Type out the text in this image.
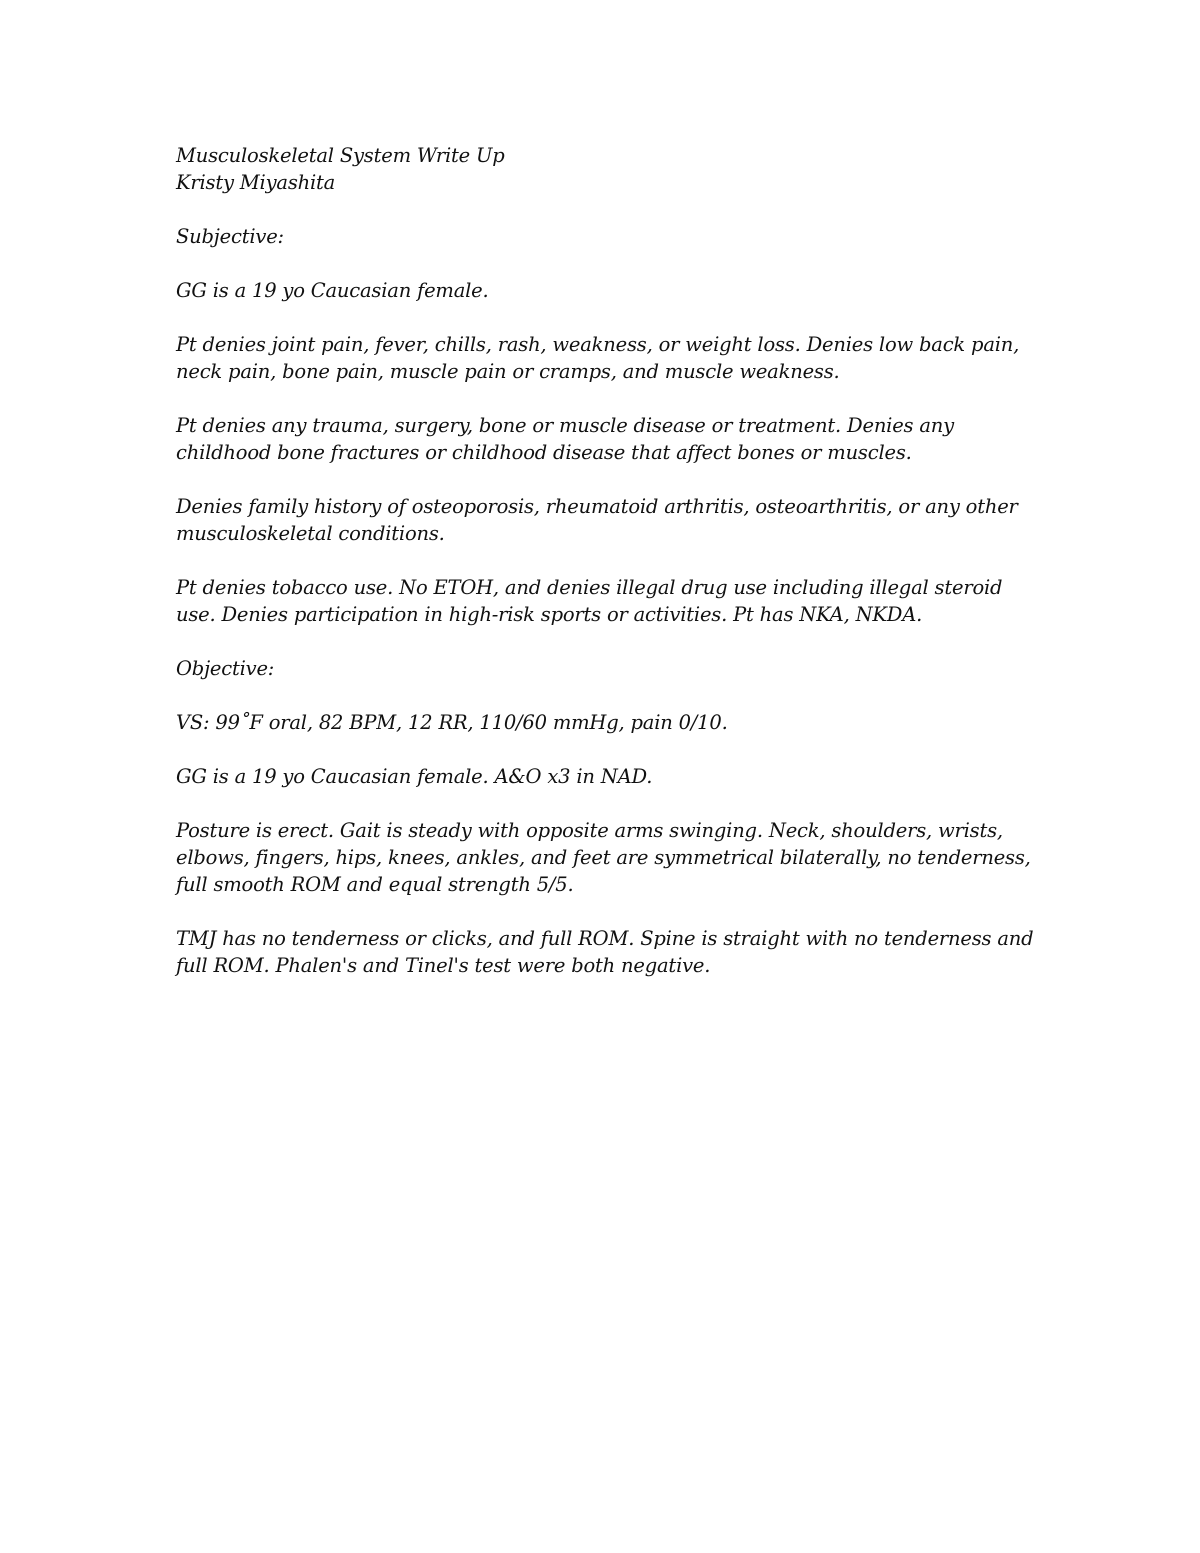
Musculoskeletal System Write Up
Kristy Miyashita
Subjective:
GG is a 19 yo Caucasian female.
Pt denies joint pain, fever, chills, rash, weakness, or weight loss. Denies low back pain,
neck pain, bone pain, muscle pain or cramps, and muscle weakness.
Pt denies any trauma, surgery, bone or muscle disease or treatment. Denies any
childhood bone fractures or childhood disease that affect bones or muscles.
Denies family history of osteoporosis, rheumatoid arthritis, osteoarthritis, or any other
musculoskeletal conditions.
Pt denies tobacco use. No ETOH, and denies illegal drug use including illegal steroid
use. Denies participation in high-risk sports or activities. Pt has NKA, NKDA.
Objective:
VS: 99˚F oral, 82 BPM, 12 RR, 110/60 mmHg, pain 0/10.
GG is a 19 yo Caucasian female. A&O x3 in NAD.
Posture is erect. Gait is steady with opposite arms swinging. Neck, shoulders, wrists,
elbows, fingers, hips, knees, ankles, and feet are symmetrical bilaterally, no tenderness,
full smooth ROM and equal strength 5/5.
TMJ has no tenderness or clicks, and full ROM. Spine is straight with no tenderness and
full ROM. Phalen's and Tinel's test were both negative.
